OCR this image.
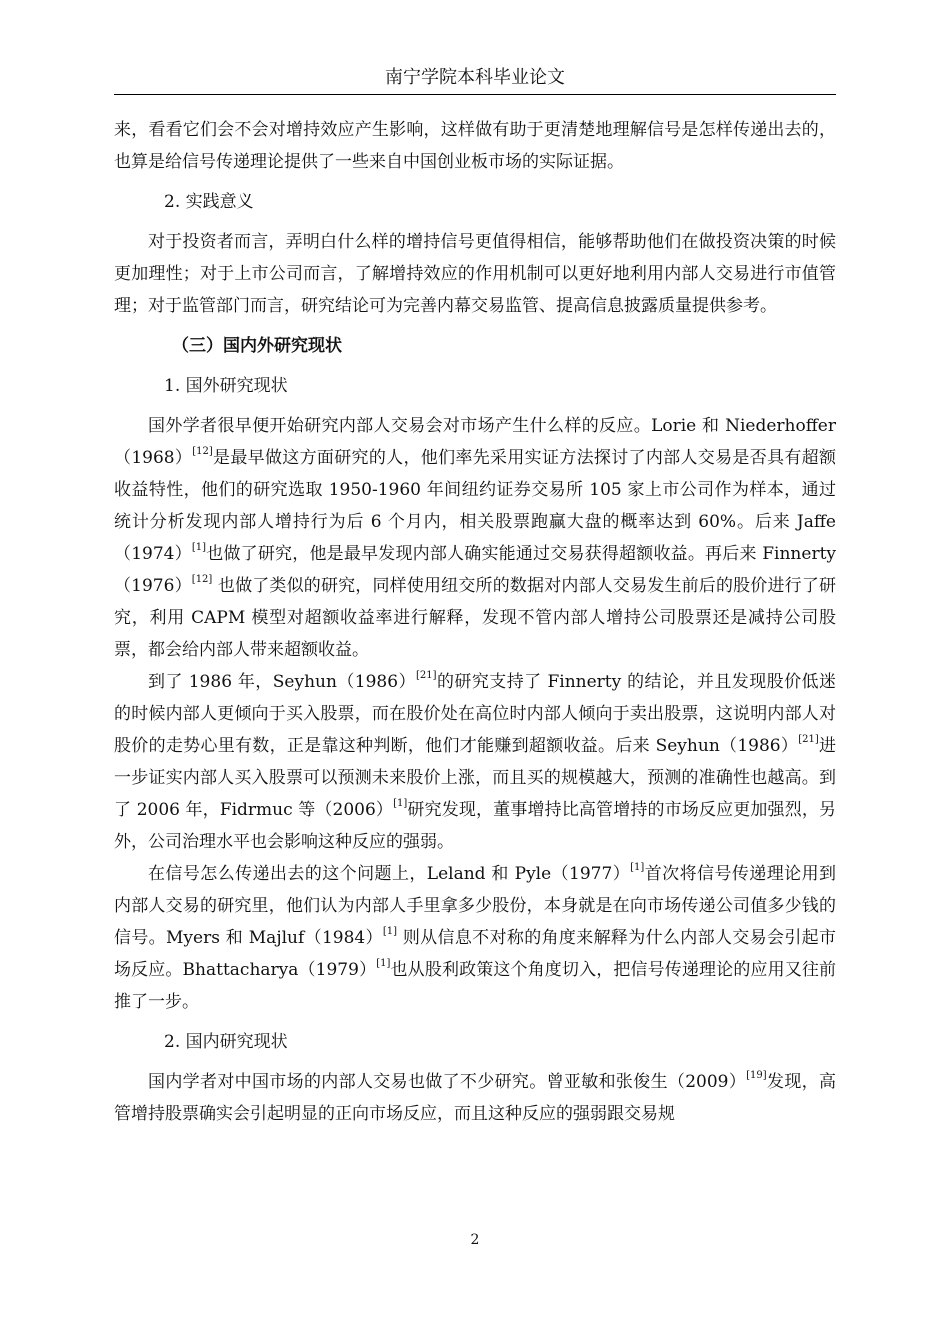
南宁学院本科毕业论文

来，看看它们会不会对增持效应产生影响，这样做有助于更清楚地理解信号是怎样传递出去的，也算是给信号传递理论提供了一些来自中国创业板市场的实际证据。

2. 实践意义

对于投资者而言，弄明白什么样的增持信号更值得相信，能够帮助他们在做投资决策的时候更加理性；对于上市公司而言，了解增持效应的作用机制可以更好地利用内部人交易进行市值管理；对于监管部门而言，研究结论可为完善内幕交易监管、提高信息披露质量提供参考。

（三）国内外研究现状

1. 国外研究现状

国外学者很早便开始研究内部人交易会对市场产生什么样的反应。Lorie 和 Niederhoffer（1968）[12]是最早做这方面研究的人，他们率先采用实证方法探讨了内部人交易是否具有超额收益特性，他们的研究选取 1950-1960 年间纽约证券交易所 105 家上市公司作为样本，通过统计分析发现内部人增持行为后 6 个月内，相关股票跑赢大盘的概率达到 60%。后来 Jaffe（1974）[1]也做了研究，他是最早发现内部人确实能通过交易获得超额收益。再后来 Finnerty（1976）[12] 也做了类似的研究，同样使用纽交所的数据对内部人交易发生前后的股价进行了研究，利用 CAPM 模型对超额收益率进行解释，发现不管内部人增持公司股票还是减持公司股票，都会给内部人带来超额收益。

到了 1986 年，Seyhun（1986）[21]的研究支持了 Finnerty 的结论，并且发现股价低迷的时候内部人更倾向于买入股票，而在股价处在高位时内部人倾向于卖出股票，这说明内部人对股价的走势心里有数，正是靠这种判断，他们才能赚到超额收益。后来 Seyhun（1986）[21]进一步证实内部人买入股票可以预测未来股价上涨，而且买的规模越大，预测的准确性也越高。到了 2006 年，Fidrmuc 等（2006）[1]研究发现，董事增持比高管增持的市场反应更加强烈，另外，公司治理水平也会影响这种反应的强弱。

在信号怎么传递出去的这个问题上，Leland 和 Pyle（1977）[1]首次将信号传递理论用到内部人交易的研究里，他们认为内部人手里拿多少股份，本身就是在向市场传递公司值多少钱的信号。Myers 和 Majluf（1984）[1] 则从信息不对称的角度来解释为什么内部人交易会引起市场反应。Bhattacharya（1979）[1]也从股利政策这个角度切入，把信号传递理论的应用又往前推了一步。

2. 国内研究现状

国内学者对中国市场的内部人交易也做了不少研究。曾亚敏和张俊生（2009）[19]发现，高管增持股票确实会引起明显的正向市场反应，而且这种反应的强弱跟交易规

2
